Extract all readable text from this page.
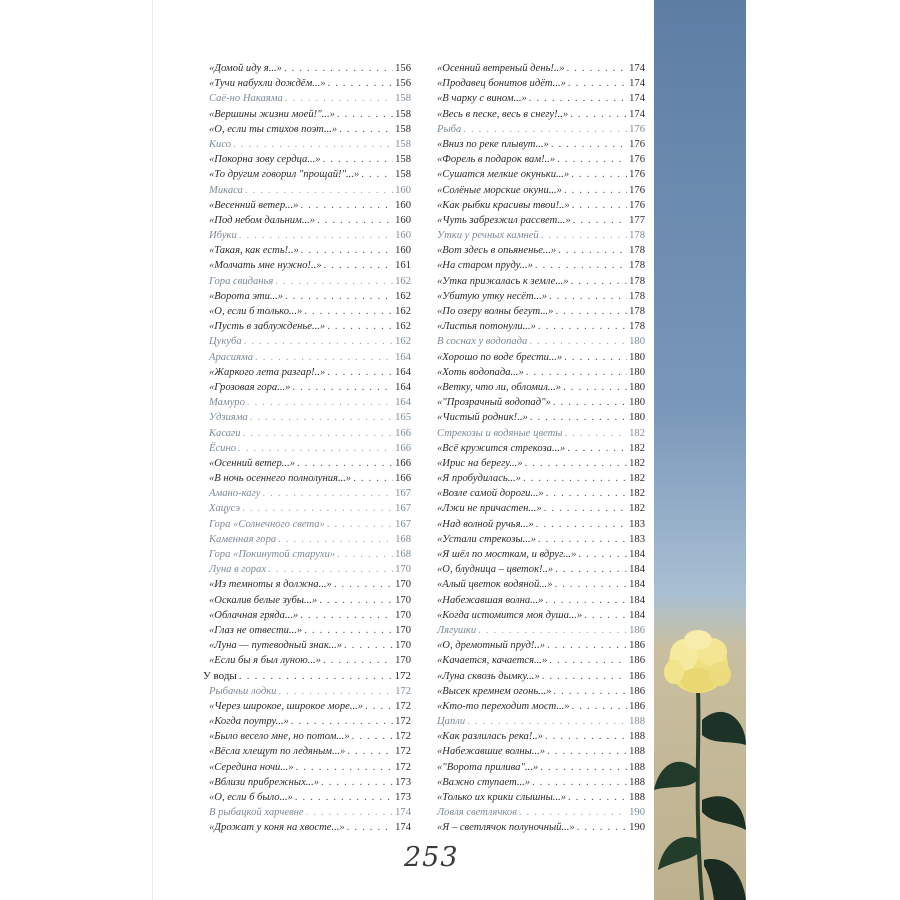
«Домой иду я...» . . .	156
«Тучи набухли дождём...» . . .	156
Саё-но Накаяма . . .	158
«Вершины жизни моей!"...» . . .	158
«О, если ты стихов поэт...» . . .	158
Кисо . . .	158
«Покорна зову сердца...» . . .	158
«То другим говорил "прощай!"...» . . .	158
Микаса . . .	160
«Весенний ветер...» . . .	160
«Под небом дальним...» . . .	160
Ибуки . . .	160
«Такая, как есть!..» . . .	160
«Молчать мне нужно!..» . . .	161
Гора свиданья . . .	162
«Ворота эти...» . . .	162
«О, если б только...» . . .	162
«Пусть в заблужденье...» . . .	162
Цукуба . . .	162
Арасияма . . .	164
«Жаркого лета разгар!..» . . .	164
«Грозовая гора...» . . .	164
Мамуро . . .	164
Удзияма . . .	165
Касаги . . .	166
Ёсино . . .	166
«Осенний ветер...» . . .	166
«В ночь осеннего полнолуния...» . . .	166
Амано-кагу . . .	167
Хацусэ . . .	167
Гора «Солнечного света» . . .	167
Каменная гора . . .	168
Гора «Покинутой старухи» . . .	168
Луна в горах . . .	170
«Из темноты я должна...» . . .	170
«Оскалив белые зубы...» . . .	170
«Облачная гряда...» . . .	170
«Глаз не отвести...» . . .	170
«Луна — путеводный знак...» . . .	170
«Если бы я был луною...» . . .	170
У воды . . .	172
Рыбачьи лодки . . .	172
«Через широкое, широкое море...» . . .	172
«Когда поутру...» . . .	172
«Было весело мне, но потом...» . . .	172
«Вёсла хлещут по ледяным...» . . .	172
«Середина ночи...» . . .	172
«Вблизи прибрежных...» . . .	173
«О, если б было...» . . .	173
В рыбацкой харчевне . . .	174
«Дрожат у коня на хвосте...» . . .	174
«Осенний ветреный день!..» . . .	174
«Продавец бонитов идёт...» . . .	174
«В чарку с вином...» . . .	174
«Весь в песке, весь в снегу!..» . . .	174
Рыба . . .	176
«Вниз по реке плывут...» . . .	176
«Форель в подарок вам!..» . . .	176
«Сушатся мелкие окуньки...» . . .	176
«Солёные морские окуни...» . . .	176
«Как рыбки красивы твои!..» . . .	176
«Чуть забрезжил рассвет...» . . .	177
Утки у речных камней . . .	178
«Вот здесь в опьяненье...» . . .	178
«На старом пруду...» . . .	178
«Утка прижалась к земле...» . . .	178
«Убитую утку несёт...» . . .	178
«По озеру волны бегут...» . . .	178
«Листья потонули...» . . .	178
В соснах у водопада . . .	180
«Хорошо по воде брести...» . . .	180
«Хоть водопада...» . . .	180
«Ветку, что ли, обломил...» . . .	180
«"Прозрачный водопад"» . . .	180
«Чистый родник!..» . . .	180
Стрекозы и водяные цветы . . .	182
«Всё кружится стрекоза...» . . .	182
«Ирис на берегу...» . . .	182
«Я пробудилась...» . . .	182
«Возле самой дороги...» . . .	182
«Лжи не причастен...» . . .	182
«Над волной ручья...» . . .	183
«Устали стрекозы...» . . .	183
«Я шёл по мосткам, и вдруг...» . . .	184
«О, блудница – цветок!..» . . .	184
«Алый цветок водяной...» . . .	184
«Набежавшая волна...» . . .	184
«Когда истомится моя душа...» . . .	184
Лягушки . . .	186
«О, дремотный пруд!..» . . .	186
«Качается, качается...» . . .	186
«Луна сквозь дымку...» . . .	186
«Высек кремнем огонь...» . . .	186
«Кто-то переходит мост...» . . .	186
Цапли . . .	188
«Как разлилась река!..» . . .	188
«Набежавшие волны...» . . .	188
«"Ворота прилива"...» . . .	188
«Важно ступает...» . . .	188
«Только их крики слышны...» . . .	188
Ловля светлячков . . .	190
«Я – светлячок полуночный...» . . .	190
253
